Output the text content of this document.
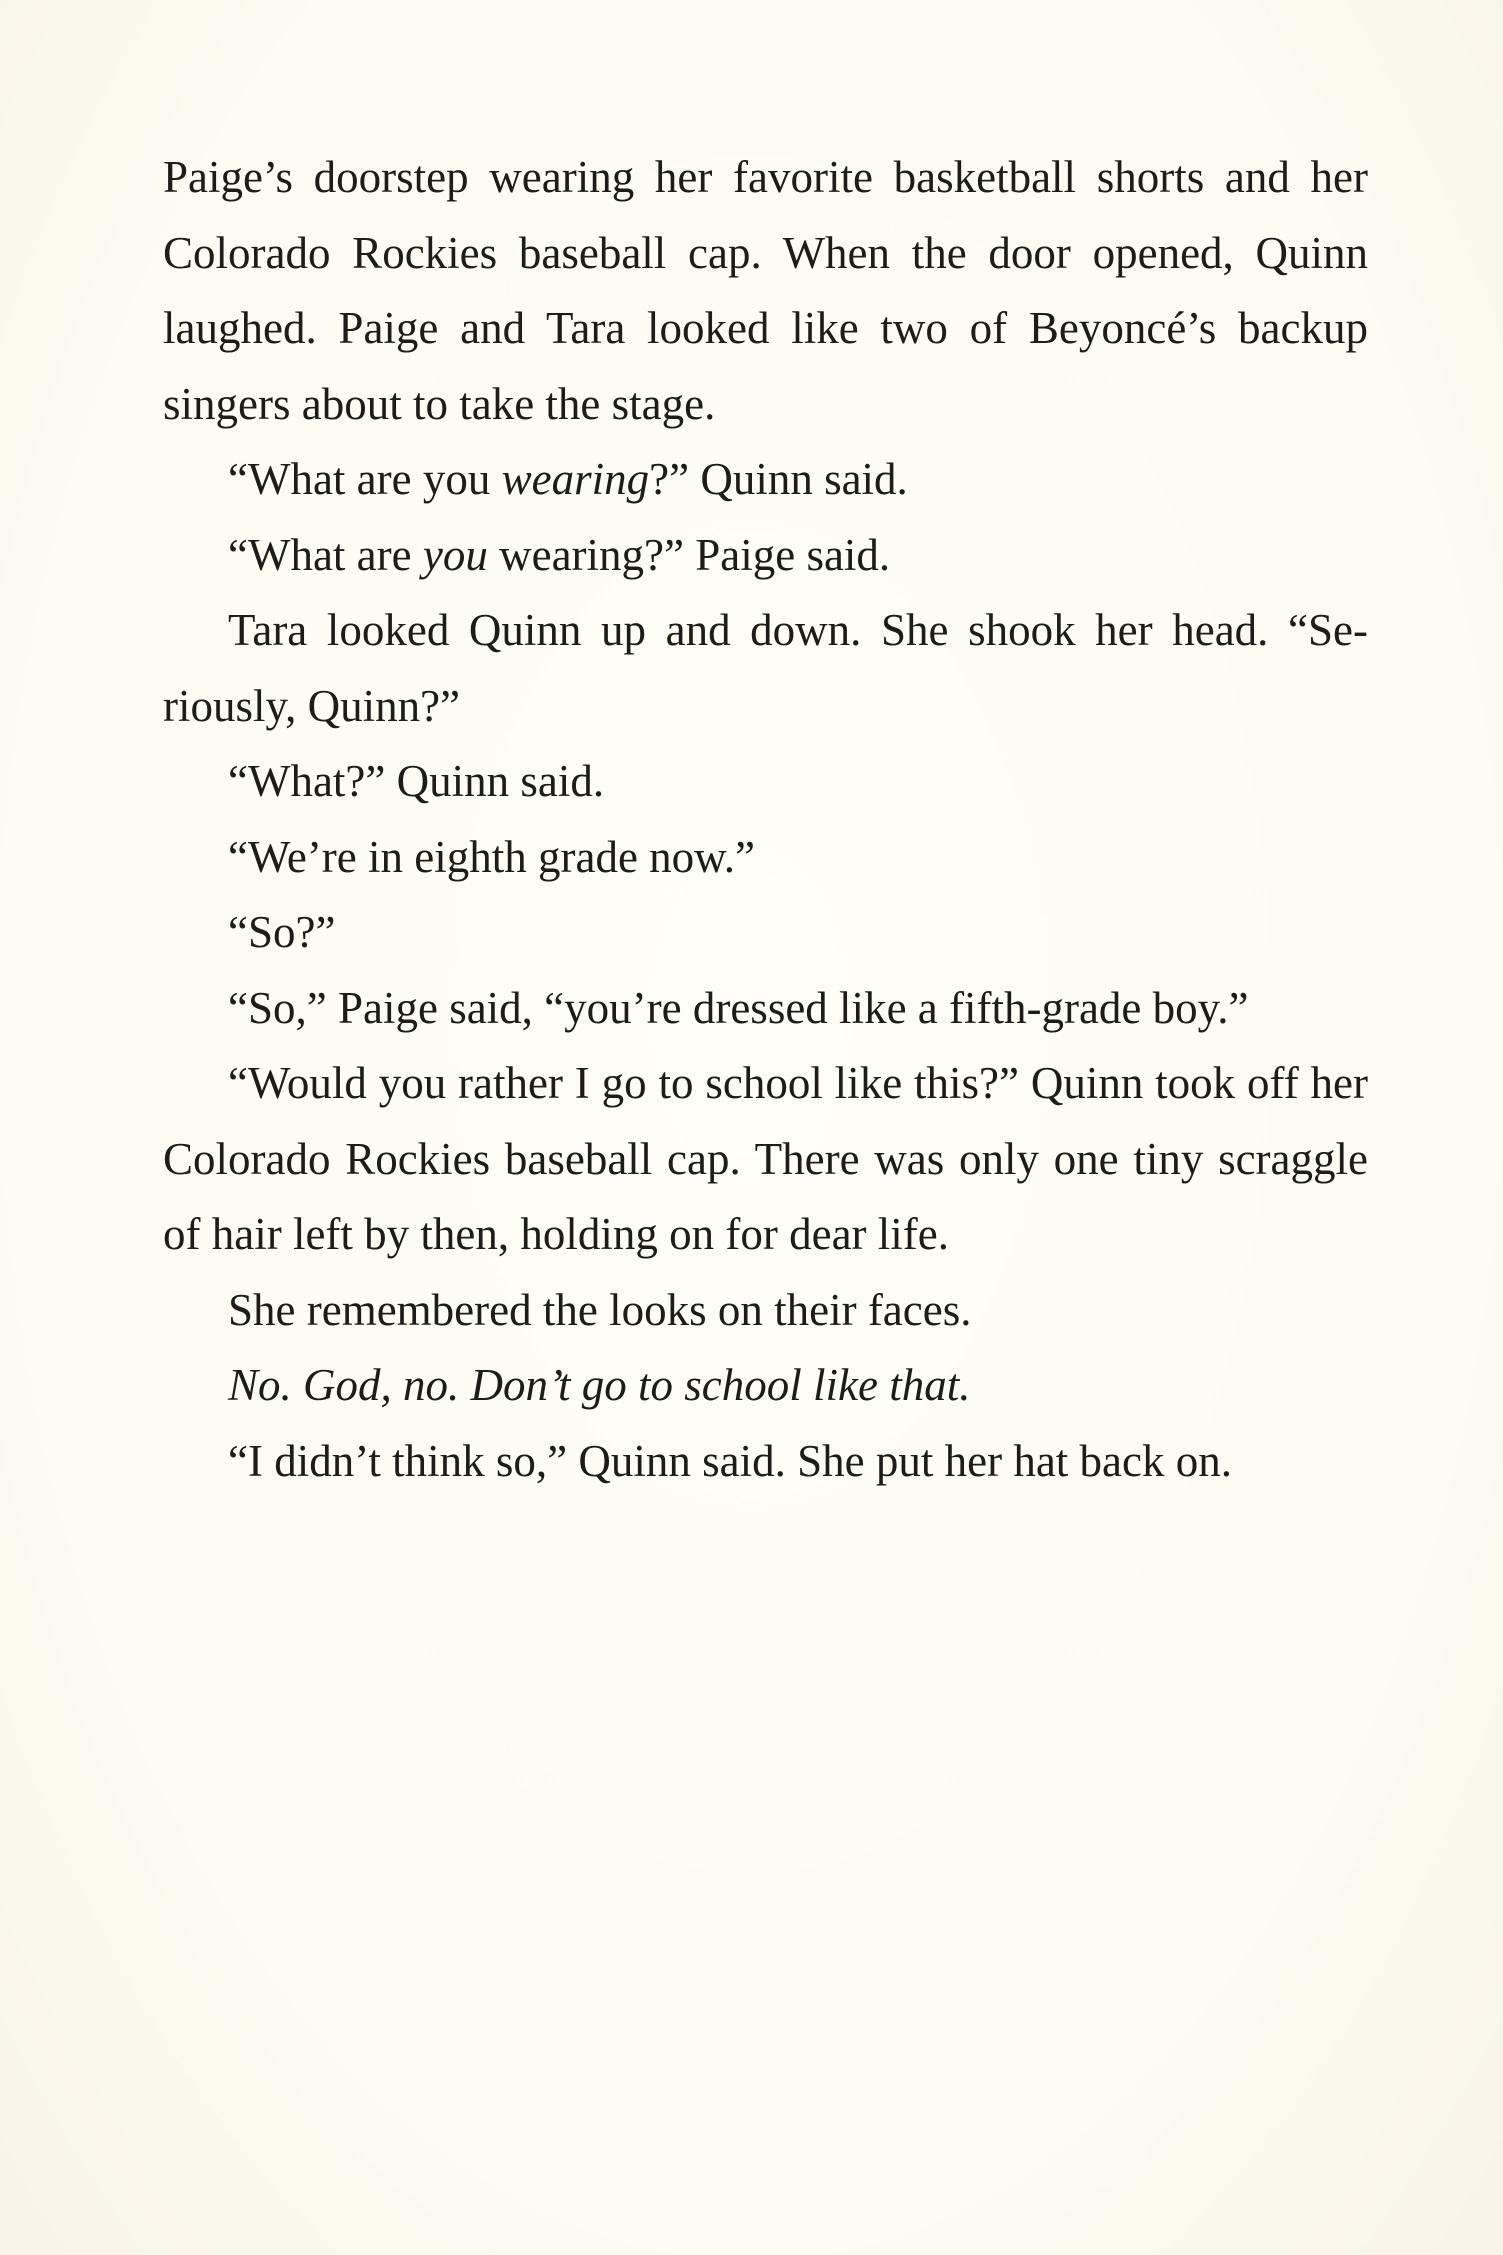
Paige’s doorstep wearing her favorite basketball shorts and her Colorado Rockies baseball cap. When the door opened, Quinn laughed. Paige and Tara looked like two of Beyoncé’s backup singers about to take the stage.

“What are you wearing?” Quinn said.

“What are you wearing?” Paige said.

Tara looked Quinn up and down. She shook her head. “Seriously, Quinn?”

“What?” Quinn said.

“We’re in eighth grade now.”

“So?”

“So,” Paige said, “you’re dressed like a fifth-grade boy.”

“Would you rather I go to school like this?” Quinn took off her Colorado Rockies baseball cap. There was only one tiny scraggle of hair left by then, holding on for dear life.

She remembered the looks on their faces.

No. God, no. Don’t go to school like that.

“I didn’t think so,” Quinn said. She put her hat back on.
